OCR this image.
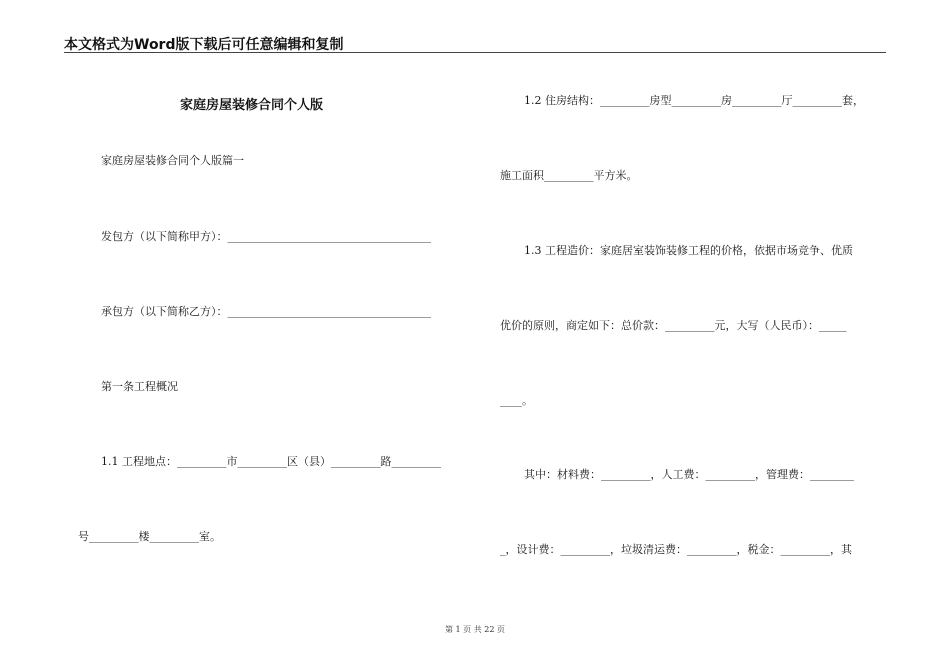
本文格式为Word版下载后可任意编辑和复制
家庭房屋装修合同个人版
家庭房屋装修合同个人版篇一
发包方（以下简称甲方）：_____________________________________
承包方（以下简称乙方）：_____________________________________
第一条工程概况
1.1 工程地点：_________市_________区（县）_________路_________
号_________楼_________室。
1.2 住房结构：_________房型_________房_________厅_________套，
施工面积_________平方米。
1.3 工程造价：家庭居室装饰装修工程的价格，依据市场竞争、优质
优价的原则，商定如下：总价款：_________元，大写（人民币）：_____
____。
其中：材料费：_________，人工费：_________，管理费：________
_，设计费：_________，垃圾清运费：_________，税金：_________，其
第 1 页 共 22 页
